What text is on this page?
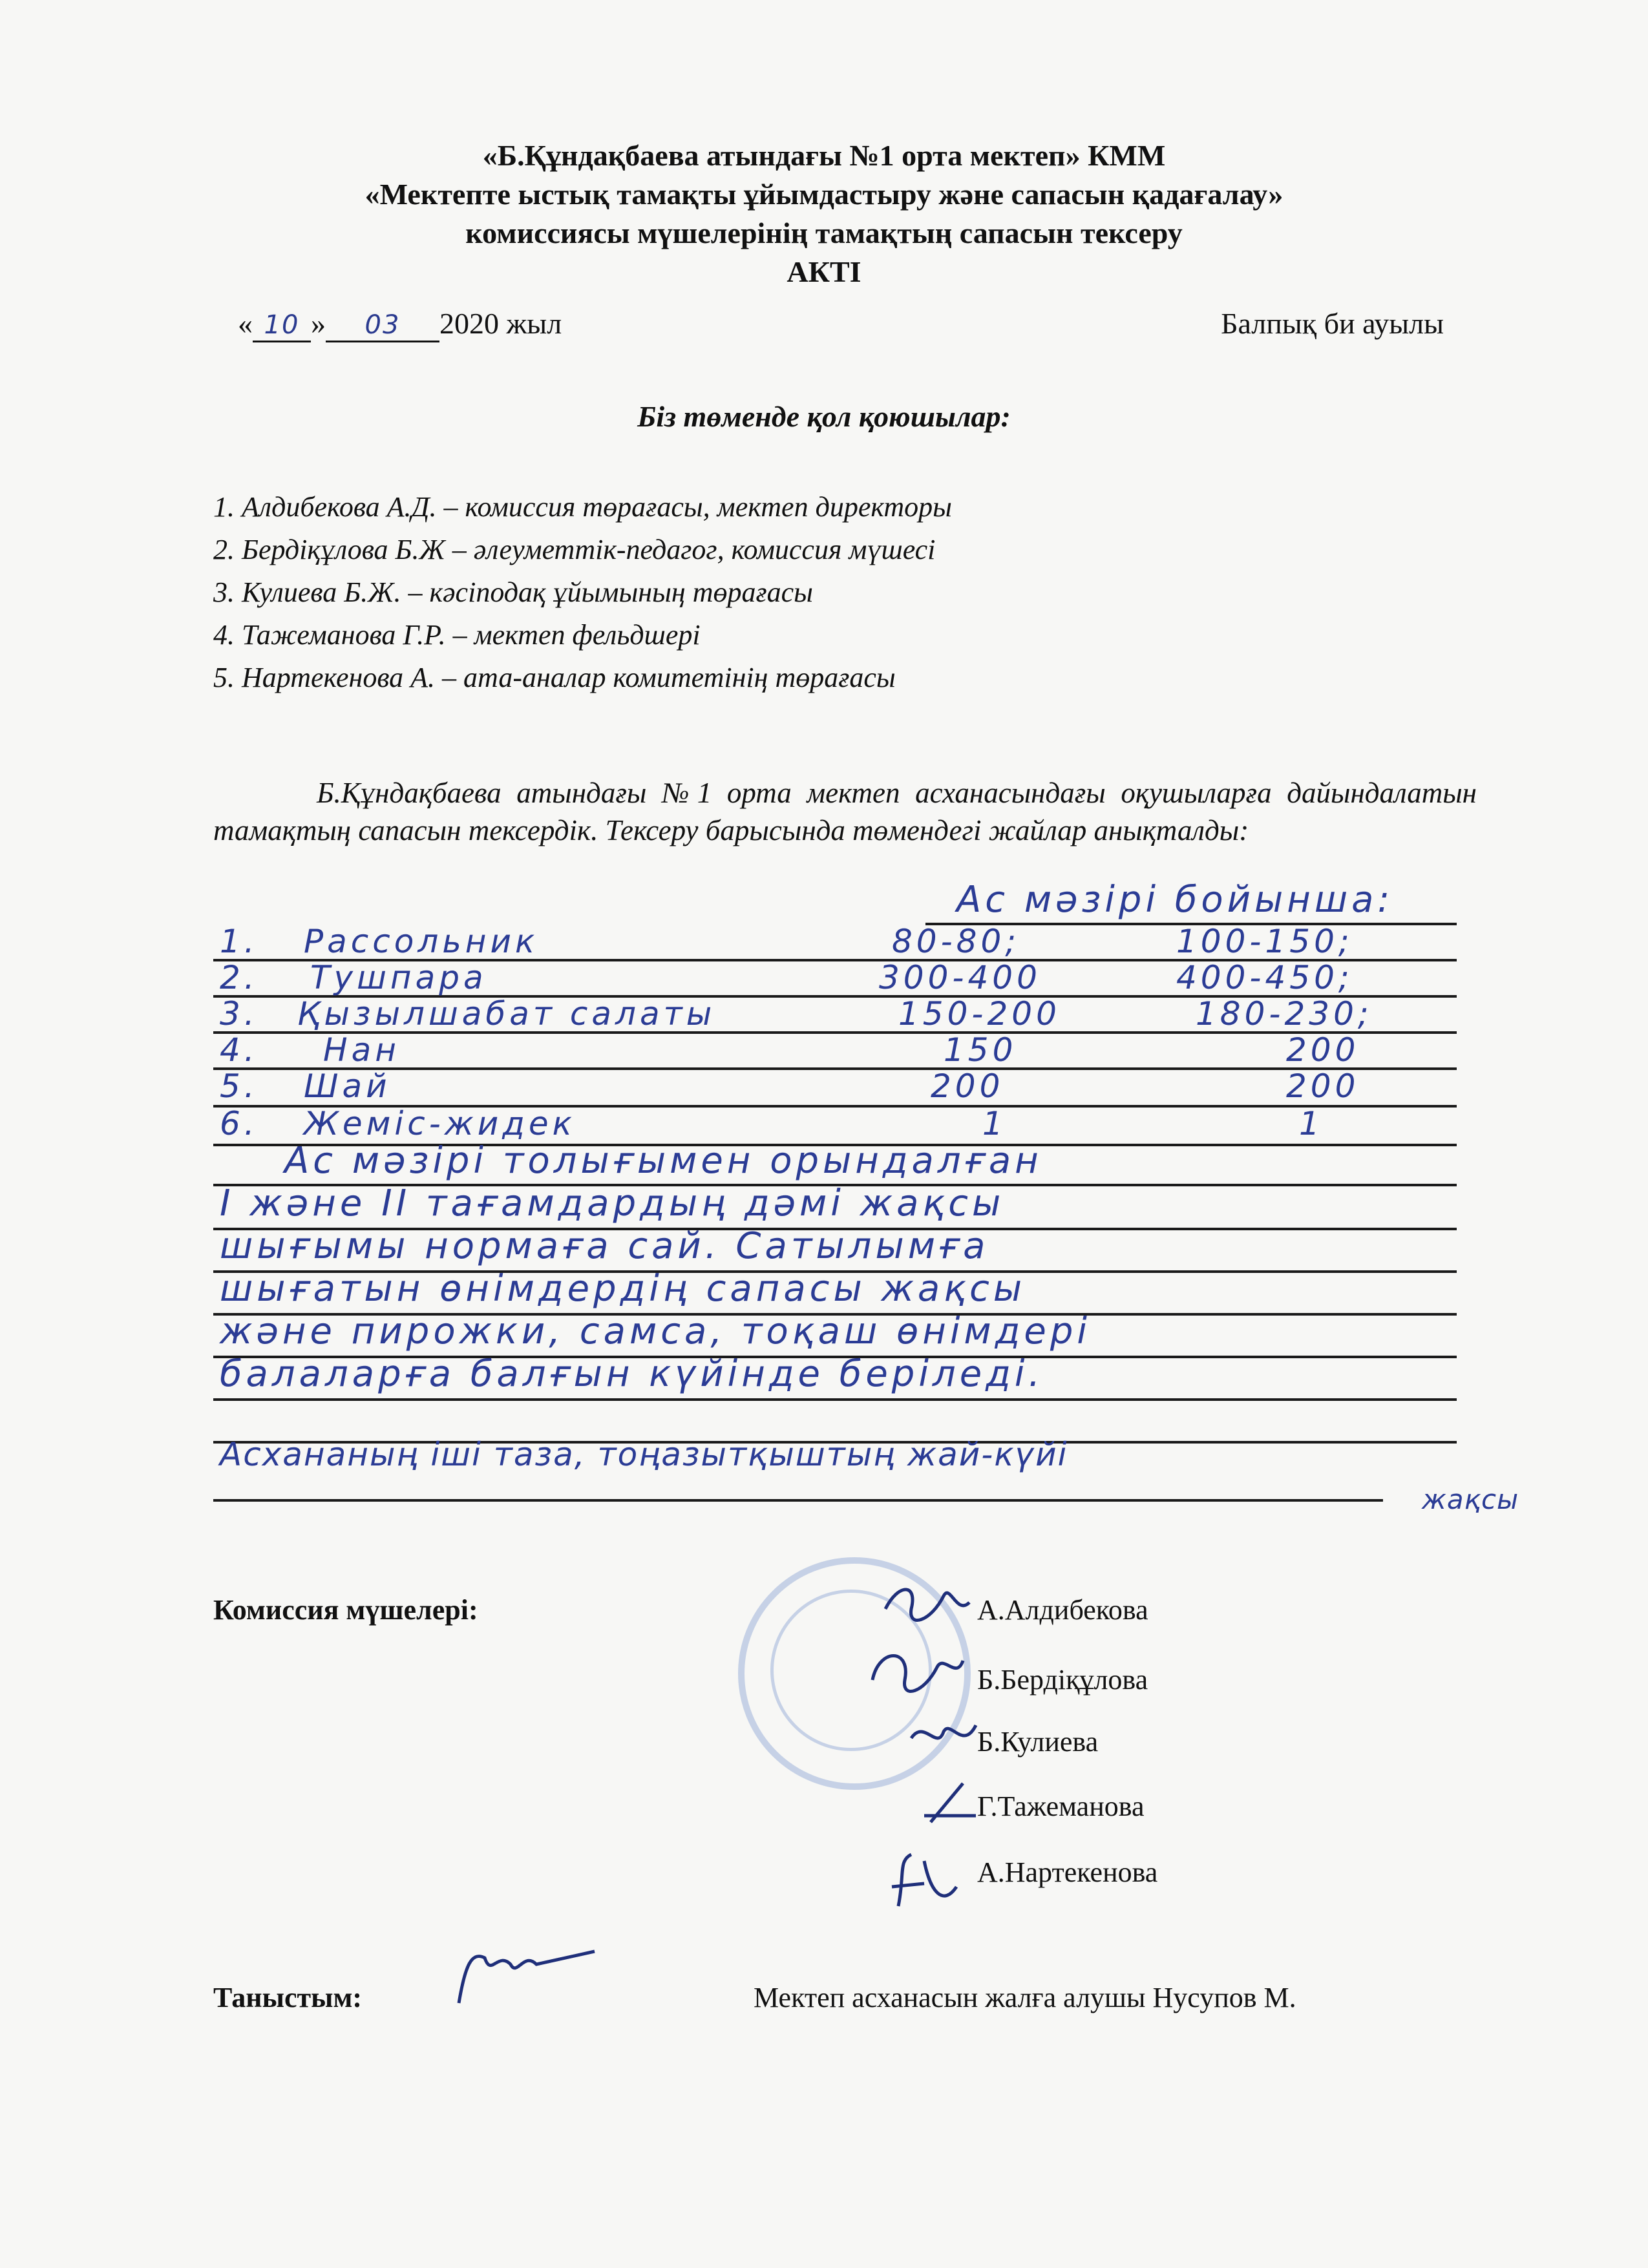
«Б.Құндақбаева атындағы №1 орта мектеп» КММ
«Мектепте ыстық тамақты ұйымдастыру және сапасын қадағалау»
комиссиясы мүшелерінің тамақтың сапасын тексеру
АКТІ
« 10 » 03 2020 жыл	Балпық би ауылы
Біз төменде қол қоюшылар:
1. Алдибекова А.Д. – комиссия төрағасы, мектеп директоры
2. Бердіқұлова Б.Ж – әлеуметтік-педагог, комиссия мүшесі
3. Кулиева Б.Ж. – кәсіподақ ұйымының төрағасы
4. Тажеманова Г.Р. – мектеп фельдшері
5. Нартекенова А. – ата-аналар комитетінің төрағасы
Б.Құндақбаева атындағы №1 орта мектеп асханасындағы оқушыларға дайындалатын тамақтың сапасын тексердік. Тексеру барысында төмендегі жайлар анықталды:
Ас мәзірі бойынша:
1. Рассольник	80-80;	100-150;
2. Тушпара	300-400	400-450;
3. Қызылшабат салаты	150-200	180-230;
4. Нан	150	200
5. Шай	200	200
6. Жеміс-жидек	1	1
Ас мәзірі толығымен орындалған
І және ІІ тағамдардың дәмі жақсы
шығымы нормаға сай. Сатылымға
шығатын өнімдердің сапасы жақсы
және пирожки, самса, тоқаш өнімдері
балаларға балғын күйінде беріледі.
Асхананың іші таза, тоңазытқыштың жай-күйі
жақсы
Комиссия мүшелері:	А.Алдибекова
Б.Бердіқұлова
Б.Кулиева
Г.Тажеманова
А.Нартекенова
Таныстым:	Мектеп асханасын жалға алушы Нусупов М.
